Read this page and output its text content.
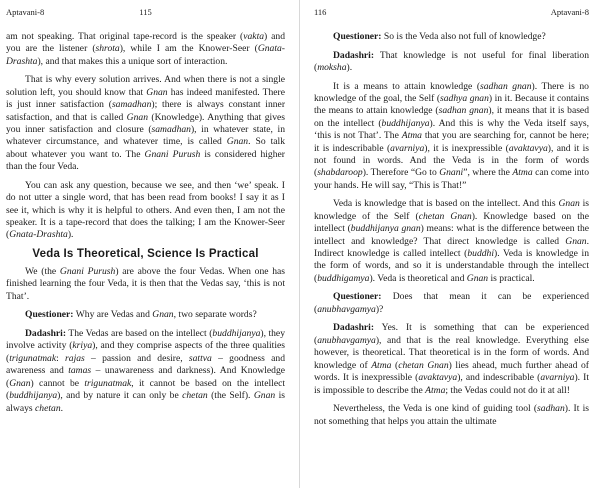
Aptavani-8	115

am not speaking. That original tape-record is the speaker (vakta) and you are the listener (shrota), while I am the Knower-Seer (Gnata-Drashta), and that makes this a unique sort of interaction.

That is why every solution arrives. And when there is not a single solution left, you should know that Gnan has indeed manifested. There is just inner satisfaction (samadhan); there is always constant inner satisfaction, and that is called Gnan (Knowledge). Anything that gives you inner satisfaction and closure (samadhan), in whatever state, in whatever circumstance, and whatever time, is called Gnan. So talk about whatever you want to. The Gnani Purush is considered higher than the four Veda.

You can ask any question, because we see, and then ‘we’ speak. I do not utter a single word, that has been read from books! I say it as I see it, which is why it is helpful to others. And even then, I am not the speaker. It is a tape-record that does the talking; I am the Knower-Seer (Gnata-Drashta).

Veda Is Theoretical, Science Is Practical

We (the Gnani Purush) are above the four Vedas. When one has finished learning the four Veda, it is then that the Vedas say, ‘this is not That’.

Questioner: Why are Vedas and Gnan, two separate words?

Dadashri: The Vedas are based on the intellect (buddhijanya), they involve activity (kriya), and they comprise aspects of the three qualities (trigunatmak: rajas – passion and desire, sattva – goodness and awareness and tamas – unawareness and darkness). And Knowledge (Gnan) cannot be trigunatmak, it cannot be based on the intellect (buddhijanya), and by nature it can only be chetan (the Self). Gnan is always chetan.

116	Aptavani-8

Questioner: So is the Veda also not full of knowledge?

Dadashri: That knowledge is not useful for final liberation (moksha).

It is a means to attain knowledge (sadhan gnan). There is no knowledge of the goal, the Self (sadhya gnan) in it. Because it contains the means to attain knowledge (sadhan gnan), it means that it is based on the intellect (buddhijanya). And this is why the Veda itself says, ‘this is not That’. The Atma that you are searching for, cannot be here; it is indescribable (avarniya), it is inexpressible (avaktavya), and it is not found in words. And the Veda is in the form of words (shabdaroop). Therefore “Go to Gnani”, where the Atma can come into your hands. He will say, “This is That!”

Veda is knowledge that is based on the intellect. And this Gnan is knowledge of the Self (chetan Gnan). Knowledge based on the intellect (buddhijanya gnan) means: what is the difference between the intellect and knowledge? That direct knowledge is called Gnan. Indirect knowledge is called intellect (buddhi). Veda is knowledge in the form of words, and so it is understandable through the intellect (buddhigamya). Veda is theoretical and Gnan is practical.

Questioner: Does that mean it can be experienced (anubhavgamya)?

Dadashri: Yes. It is something that can be experienced (anubhavgamya), and that is the real knowledge. Everything else however, is theoretical. That theoretical is in the form of words. And knowledge of Atma (chetan Gnan) lies ahead, much further ahead of words. It is inexpressible (avaktavya), and indescribable (avarniya). It is impossible to describe the Atma; the Vedas could not do it at all!

Nevertheless, the Veda is one kind of guiding tool (sadhan). It is not something that helps you attain the ultimate
